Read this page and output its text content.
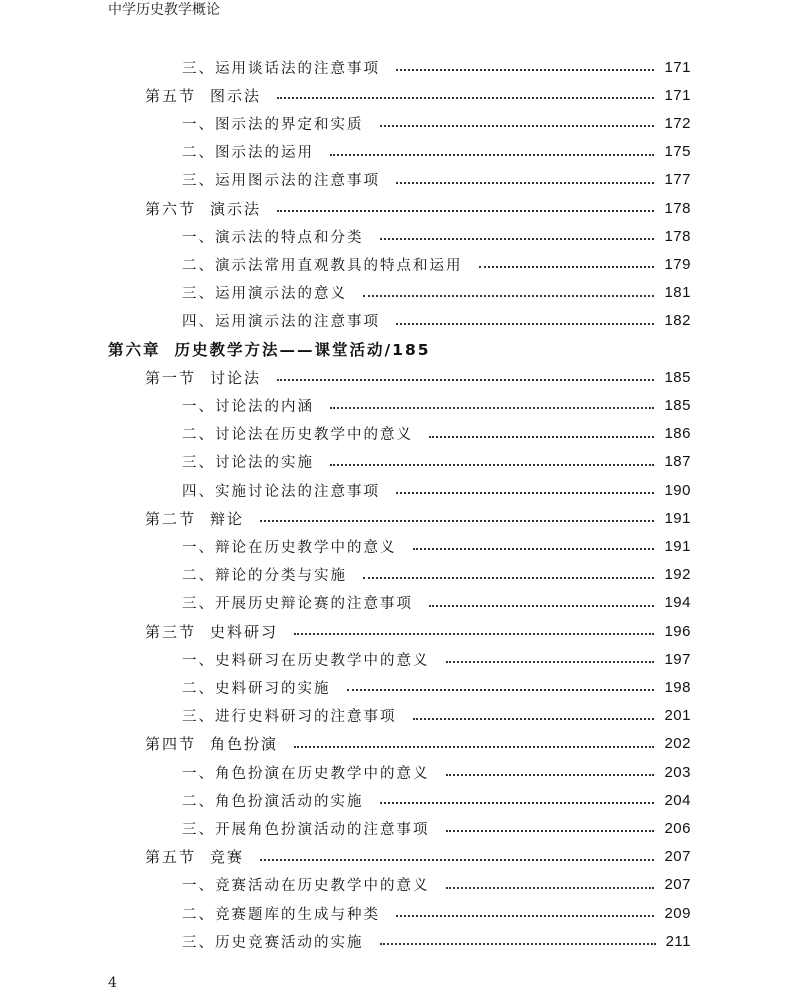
中学历史教学概论
三、 运用谈话法的注意事项	171
第五节 图示法	171
一、 图示法的界定和实质	172
二、 图示法的运用	175
三、 运用图示法的注意事项	177
第六节 演示法	178
一、 演示法的特点和分类	178
二、 演示法常用直观教具的特点和运用	179
三、 运用演示法的意义	181
四、 运用演示法的注意事项	182
第六章 历史教学方法——课堂活动/185
第一节 讨论法	185
一、 讨论法的内涵	185
二、 讨论法在历史教学中的意义	186
三、 讨论法的实施	187
四、 实施讨论法的注意事项	190
第二节 辩论	191
一、 辩论在历史教学中的意义	191
二、 辩论的分类与实施	192
三、 开展历史辩论赛的注意事项	194
第三节 史料研习	196
一、 史料研习在历史教学中的意义	197
二、 史料研习的实施	198
三、 进行史料研习的注意事项	201
第四节 角色扮演	202
一、 角色扮演在历史教学中的意义	203
二、 角色扮演活动的实施	204
三、 开展角色扮演活动的注意事项	206
第五节 竞赛	207
一、 竞赛活动在历史教学中的意义	207
二、 竞赛题库的生成与种类	209
三、 历史竞赛活动的实施	211
4
